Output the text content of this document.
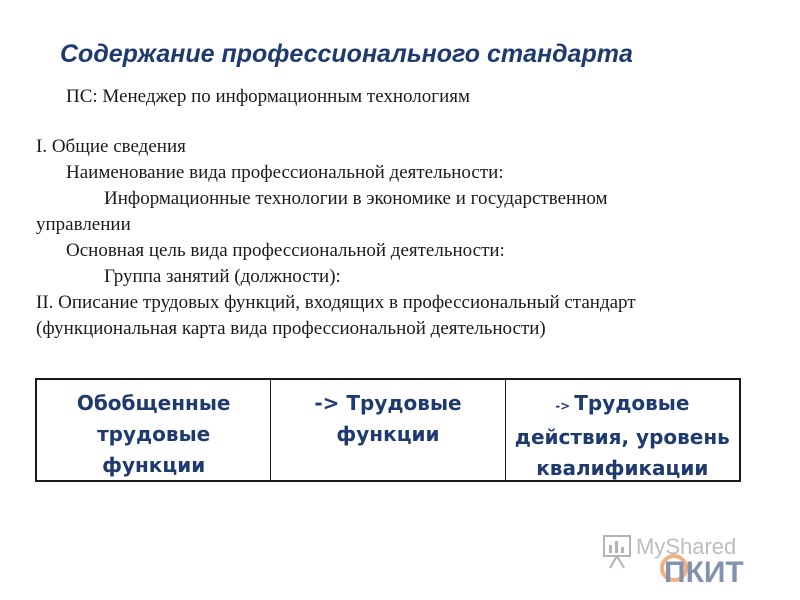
Содержание профессионального стандарта
ПС: Менеджер по информационным технологиям
I. Общие сведения
Наименование вида профессиональной деятельности:
Информационные технологии в экономике и государственном
управлении
Основная цель вида профессиональной деятельности:
Группа занятий (должности):
II. Описание трудовых функций, входящих в профессиональный стандарт
(функциональная карта вида профессиональной деятельности)
Обобщенные
трудовые
функции
-> Трудовые
функции
-> Трудовые
действия, уровень
квалификации
MyShared
ПКИТ
